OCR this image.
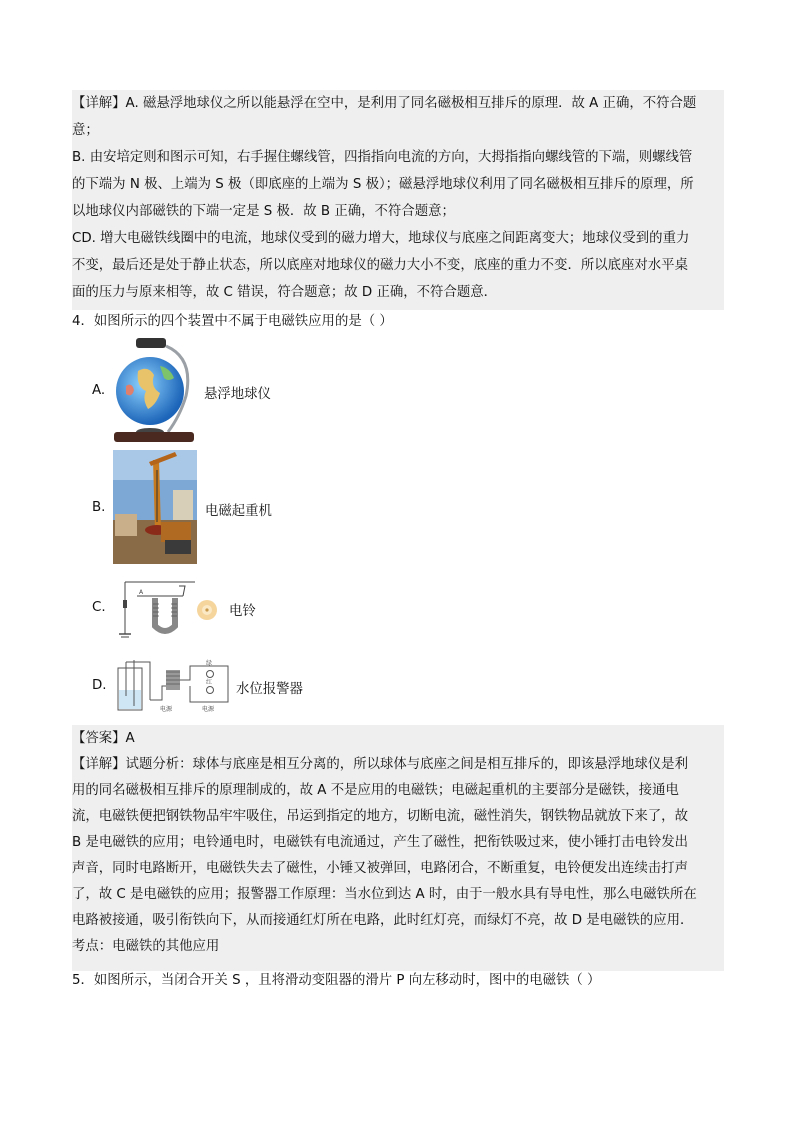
【详解】A. 磁悬浮地球仪之所以能悬浮在空中，是利用了同名磁极相互排斥的原理．故 A 正确，不符合题
意；
B. 由安培定则和图示可知，右手握住螺线管，四指指向电流的方向，大拇指指向螺线管的下端，则螺线管
的下端为 N 极、上端为 S 极（即底座的上端为 S 极）；磁悬浮地球仪利用了同名磁极相互排斥的原理，所
以地球仪内部磁铁的下端一定是 S 极．故 B 正确，不符合题意；
CD. 增大电磁铁线圈中的电流，地球仪受到的磁力增大，地球仪与底座之间距离变大；地球仪受到的重力
不变，最后还是处于静止状态，所以底座对地球仪的磁力大小不变，底座的重力不变．所以底座对水平桌
面的压力与原来相等，故 C 错误，符合题意；故 D 正确，不符合题意．
4．如图所示的四个装置中不属于电磁铁应用的是（ ）
A.	悬浮地球仪
B.	电磁起重机
C.
A
电铃
D.
绿
红
电源	电源
水位报警器
【答案】A
【详解】试题分析：球体与底座是相互分离的，所以球体与底座之间是相互排斥的，即该悬浮地球仪是利
用的同名磁极相互排斥的原理制成的，故 A 不是应用的电磁铁；电磁起重机的主要部分是磁铁，接通电
流，电磁铁便把钢铁物品牢牢吸住，吊运到指定的地方，切断电流，磁性消失，钢铁物品就放下来了，故
B 是电磁铁的应用；电铃通电时，电磁铁有电流通过，产生了磁性，把衔铁吸过来，使小锤打击电铃发出
声音，同时电路断开，电磁铁失去了磁性，小锤又被弹回，电路闭合，不断重复，电铃便发出连续击打声
了，故 C 是电磁铁的应用；报警器工作原理：当水位到达 A 时，由于一般水具有导电性，那么电磁铁所在
电路被接通，吸引衔铁向下，从而接通红灯所在电路，此时红灯亮，而绿灯不亮，故 D 是电磁铁的应用．
考点：电磁铁的其他应用
5．如图所示，当闭合开关 S ，且将滑动变阻器的滑片 P 向左移动时，图中的电磁铁（ ）
